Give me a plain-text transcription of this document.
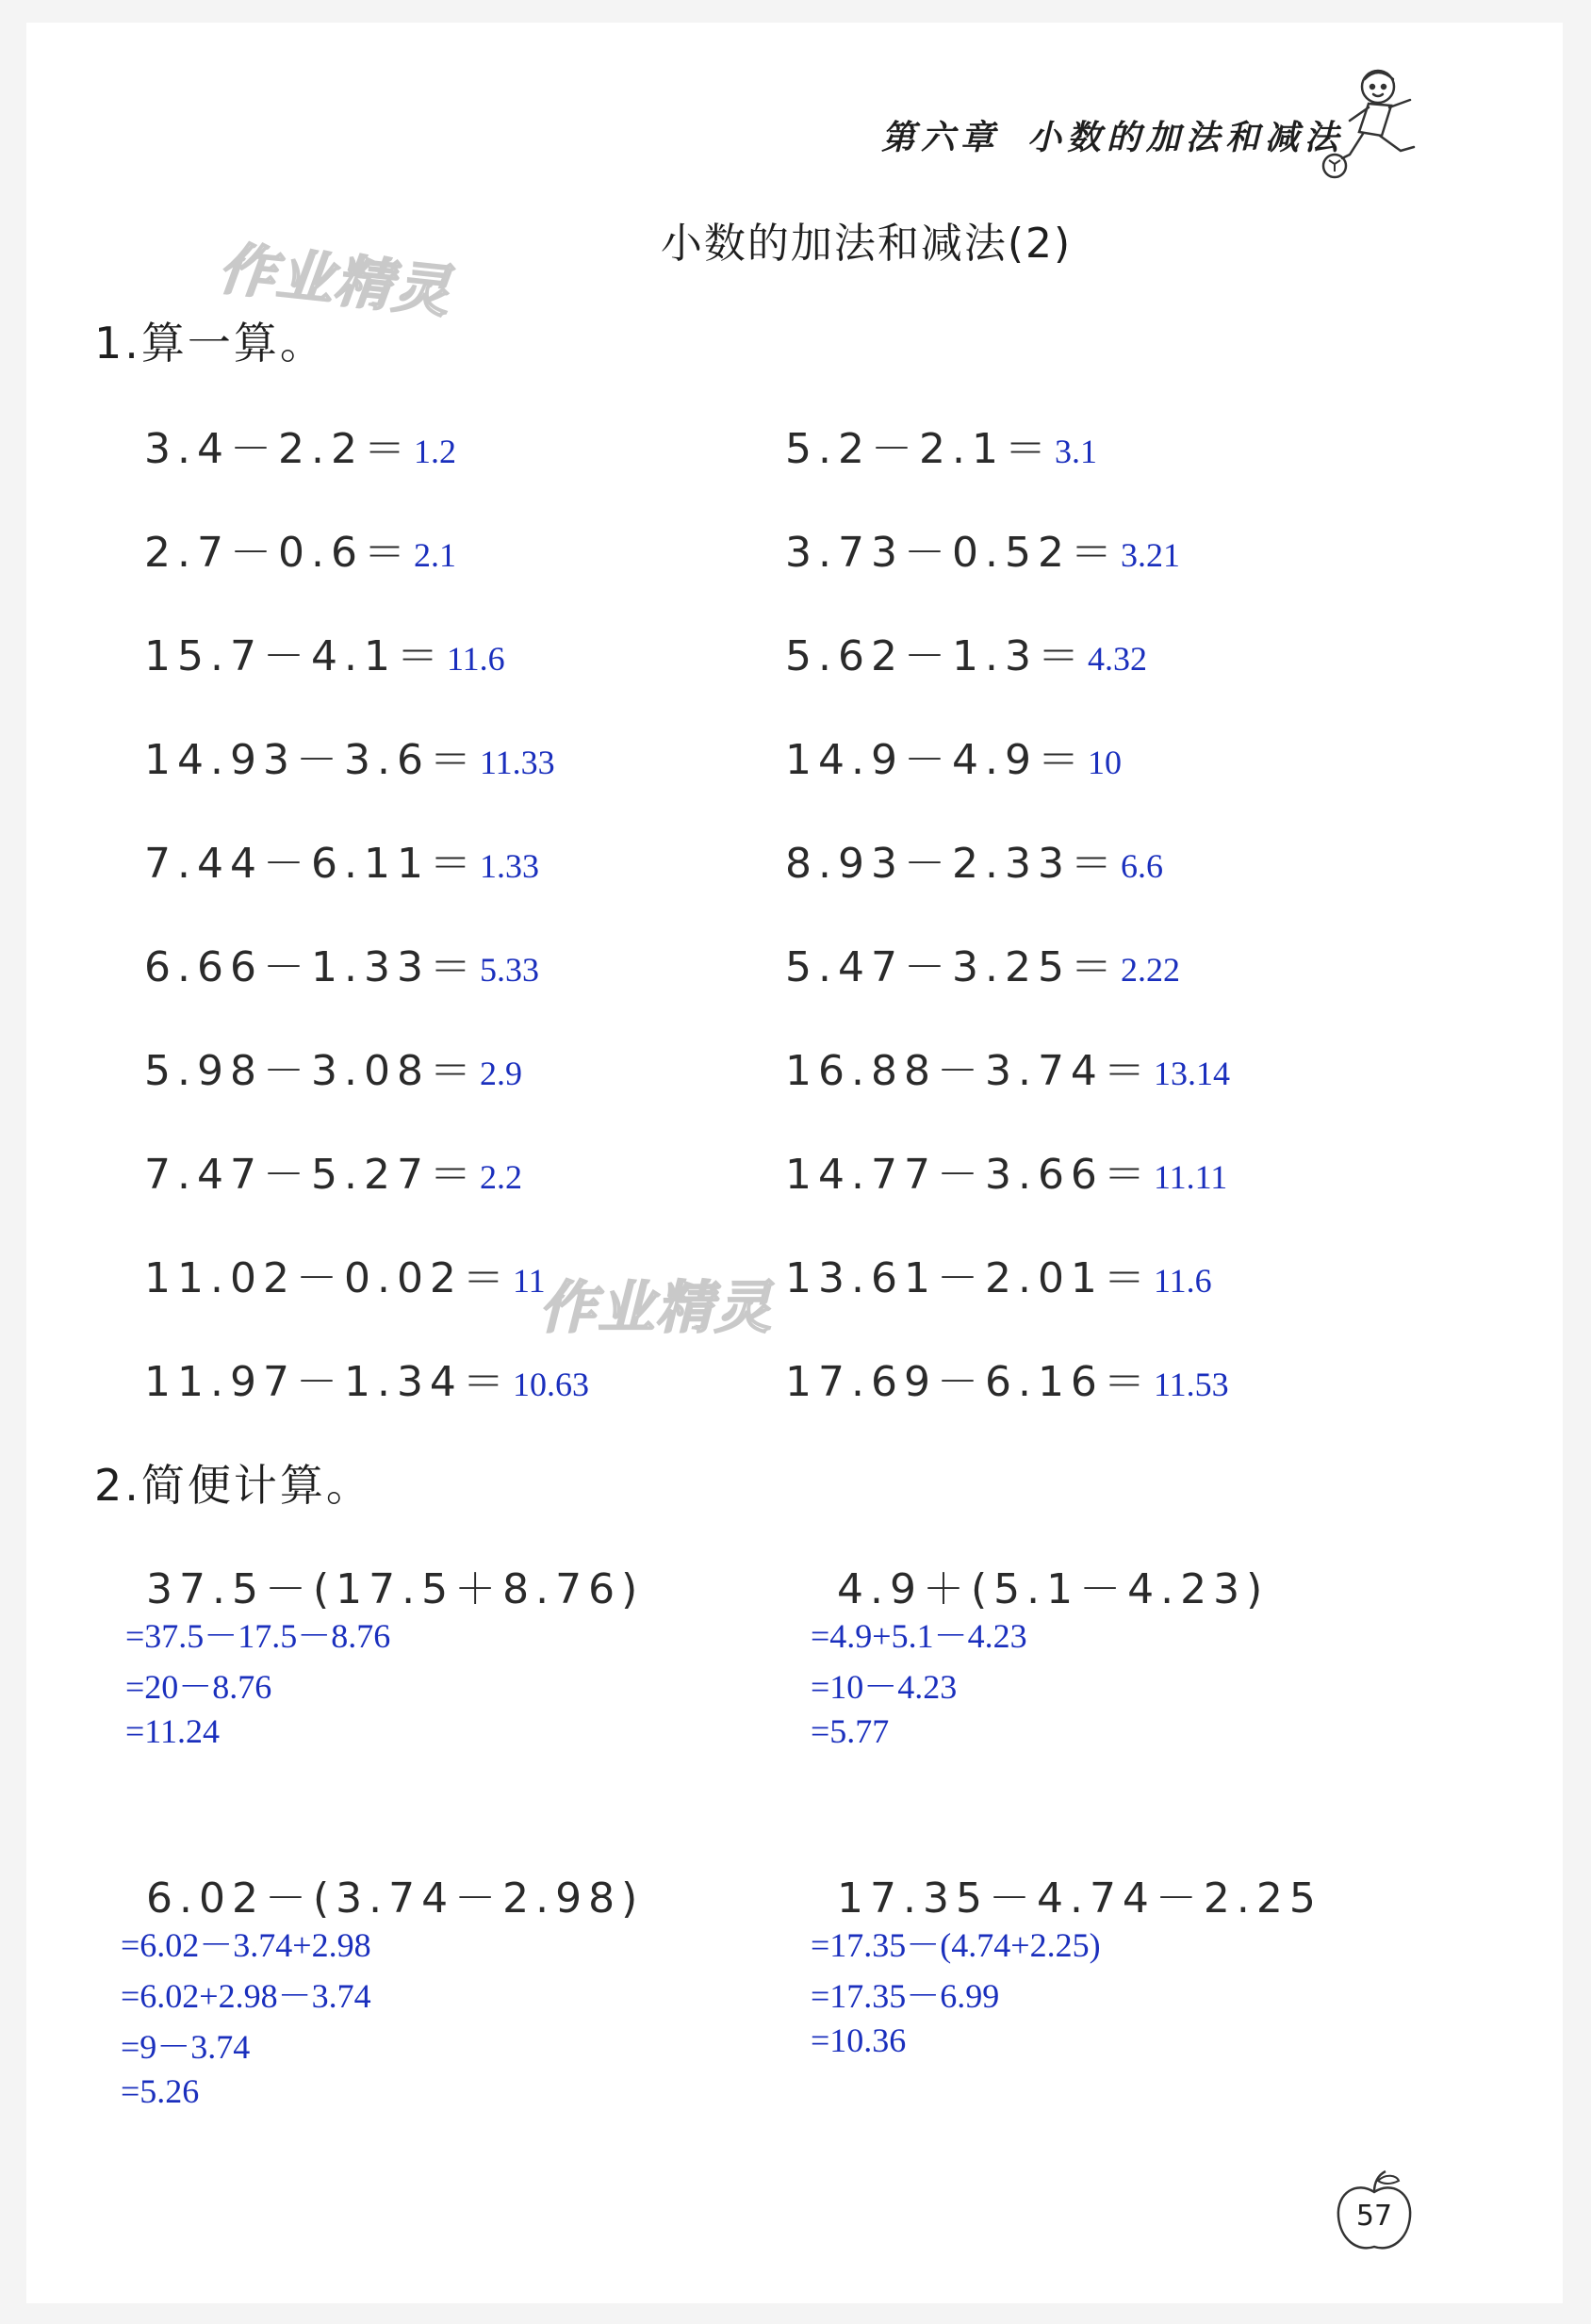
第六章 小数的加法和减法
小数的加法和减法(2)
作业精灵
作业精灵
1.算一算。
3.4－2.2＝1.2
2.7－0.6＝2.1
15.7－4.1＝11.6
14.93－3.6＝11.33
7.44－6.11＝1.33
6.66－1.33＝5.33
5.98－3.08＝2.9
7.47－5.27＝2.2
11.02－0.02＝11
11.97－1.34＝10.63
5.2－2.1＝3.1
3.73－0.52＝3.21
5.62－1.3＝4.32
14.9－4.9＝10
8.93－2.33＝6.6
5.47－3.25＝2.22
16.88－3.74＝13.14
14.77－3.66＝11.11
13.61－2.01＝11.6
17.69－6.16＝11.53
2.简便计算。
37.5－(17.5＋8.76)
=37.5－17.5－8.76
=20－8.76
=11.24
4.9＋(5.1－4.23)
=4.9+5.1－4.23
=10－4.23
=5.77
6.02－(3.74－2.98)
=6.02－3.74+2.98
=6.02+2.98－3.74
=9－3.74
=5.26
17.35－4.74－2.25
=17.35－(4.74+2.25)
=17.35－6.99
=10.36
57
